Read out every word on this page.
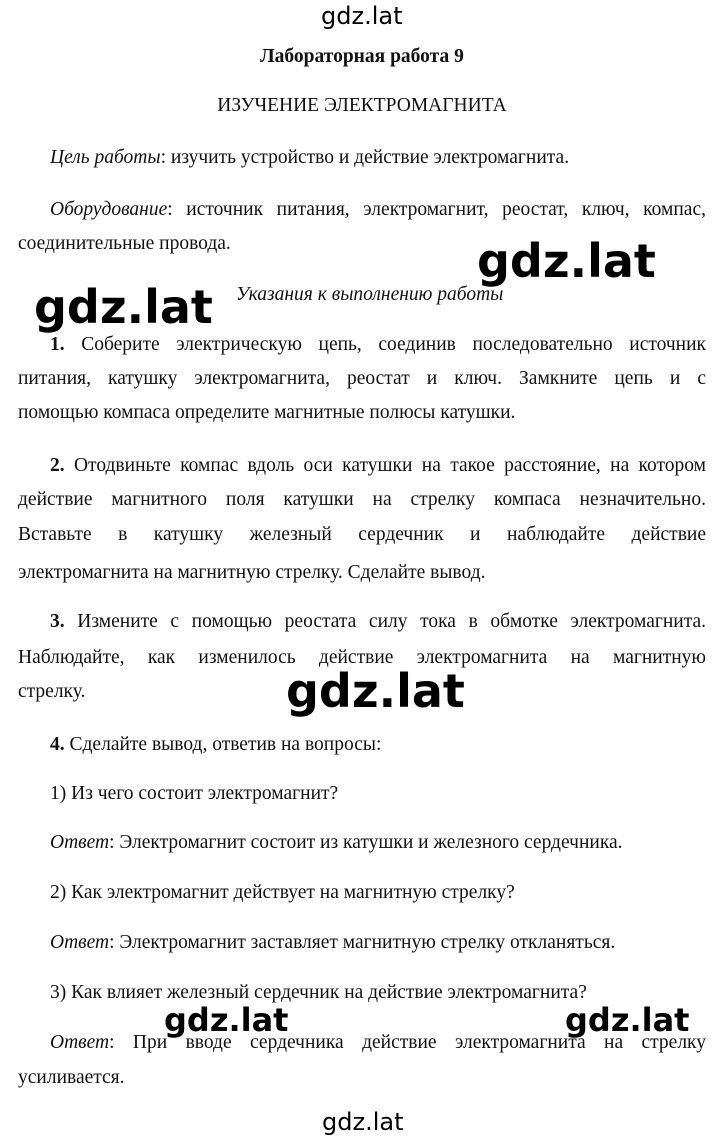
gdz.lat
Лабораторная работа 9
ИЗУЧЕНИЕ ЭЛЕКТРОМАГНИТА
Цель работы: изучить устройство и действие электромагнита.
Оборудование: источник питания, электромагнит, реостат, ключ, компас,
соединительные провода.
Указания к выполнению работы
1. Соберите электрическую цепь, соединив последовательно источник
питания, катушку электромагнита, реостат и ключ. Замкните цепь и с
помощью компаса определите магнитные полюсы катушки.
2. Отодвиньте компас вдоль оси катушки на такое расстояние, на котором
действие магнитного поля катушки на стрелку компаса незначительно.
Вставьте в катушку железный сердечник и наблюдайте действие
электромагнита на магнитную стрелку. Сделайте вывод.
3. Измените с помощью реостата силу тока в обмотке электромагнита.
Наблюдайте, как изменилось действие электромагнита на магнитную
стрелку.
4. Сделайте вывод, ответив на вопросы:
1) Из чего состоит электромагнит?
Ответ: Электромагнит состоит из катушки и железного сердечника.
2) Как электромагнит действует на магнитную стрелку?
Ответ: Электромагнит заставляет магнитную стрелку откланяться.
3) Как влияет железный сердечник на действие электромагнита?
Ответ: При вводе сердечника действие электромагнита на стрелку
усиливается.
gdz.lat
gdz.lat
gdz.lat
gdz.lat	gdz.lat
gdz.lat
